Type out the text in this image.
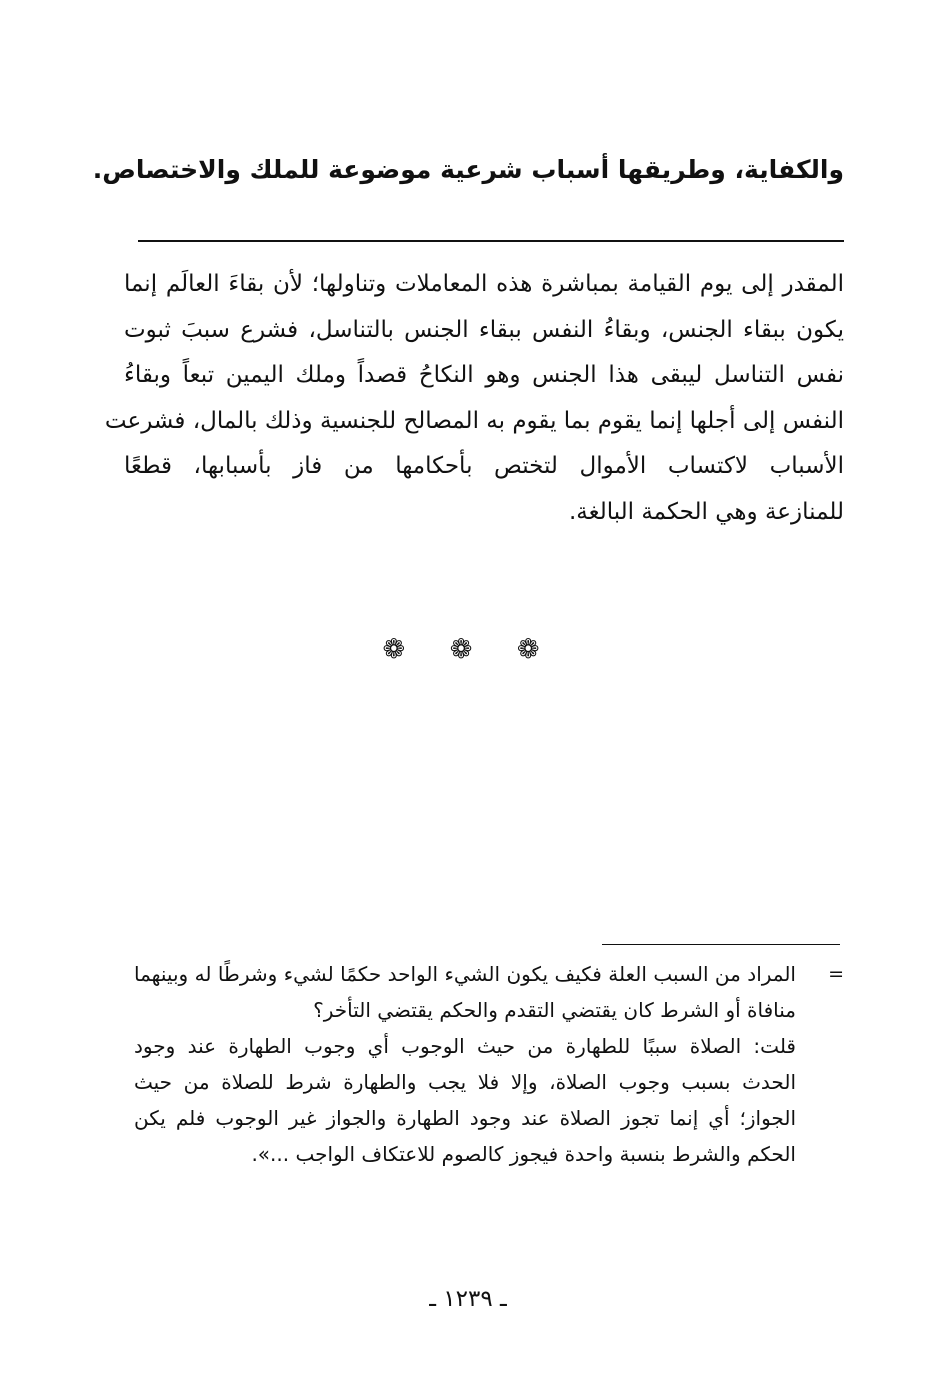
والكفاية، وطريقها أسباب شرعية موضوعة للملك والاختصاص.

المقدر إلى يوم القيامة بمباشرة هذه المعاملات وتناولها؛ لأن بقاءَ العالَم إنما
يكون ببقاء الجنس، وبقاءُ النفس ببقاء الجنس بالتناسل، فشرع سببَ ثبوت
نفس التناسل ليبقى هذا الجنس وهو النكاحُ قصداً وملك اليمين تبعاً وبقاءُ
النفس إلى أجلها إنما يقوم بما يقوم به المصالح للجنسية وذلك بالمال، فشرعت
الأسباب لاكتساب الأموال لتختص بأحكامها من فاز بأسبابها، قطعًا
للمنازعة وهي الحكمة البالغة.
❁ ❁ ❁
=
المراد من السبب العلة فكيف يكون الشيء الواحد حكمًا لشيء وشرطًا له وبينهما
منافاة أو الشرط كان يقتضي التقدم والحكم يقتضي التأخر؟
قلت: الصلاة سببًا للطهارة من حيث الوجوب أي وجوب الطهارة عند وجود
الحدث بسبب وجوب الصلاة، وإلا فلا يجب والطهارة شرط للصلاة من حيث
الجواز؛ أي إنما تجوز الصلاة عند وجود الطهارة والجواز غير الوجوب فلم يكن
الحكم والشرط بنسبة واحدة فيجوز كالصوم للاعتكاف الواجب ...».
ـ ١٢٣٩ ـ
